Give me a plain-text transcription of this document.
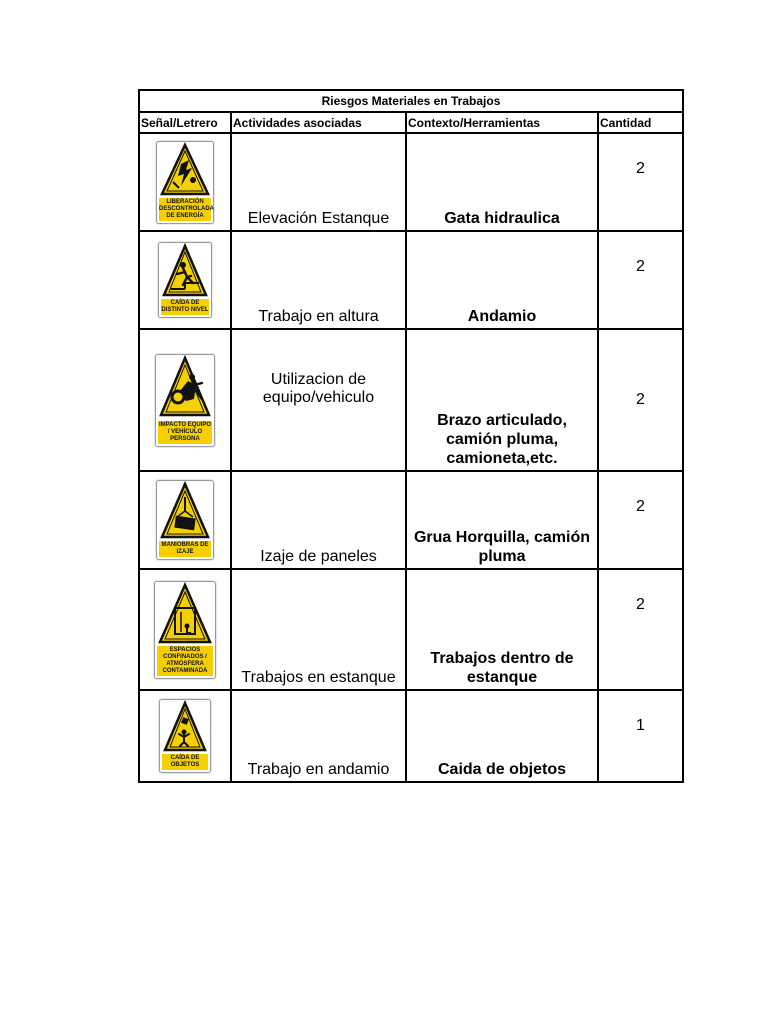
Riesgos Materiales en Trabajos			
Señal/Letrero	Actividades asociadas	Contexto/Herramientas	Cantidad

LIBERACIÓN DESCONTROLADA DE ENERGÍA	Elevación Estanque	Gata hidraulica	2

CAÍDA DE DISTINTO NIVEL	Trabajo en altura	Andamio	2

IMPACTO EQUIPO / VEHÍCULO PERSONA	Utilizacion de equipo/vehiculo	Brazo articulado, camión pluma, camioneta,etc.	2

MANIOBRAS DE IZAJE	Izaje de paneles	Grua Horquilla, camión pluma	2

ESPACIOS CONFINADOS / ATMÓSFERA CONTAMINADA	Trabajos en estanque	Trabajos dentro de estanque	2

CAÍDA DE OBJETOS	Trabajo en andamio	Caida de objetos	1
